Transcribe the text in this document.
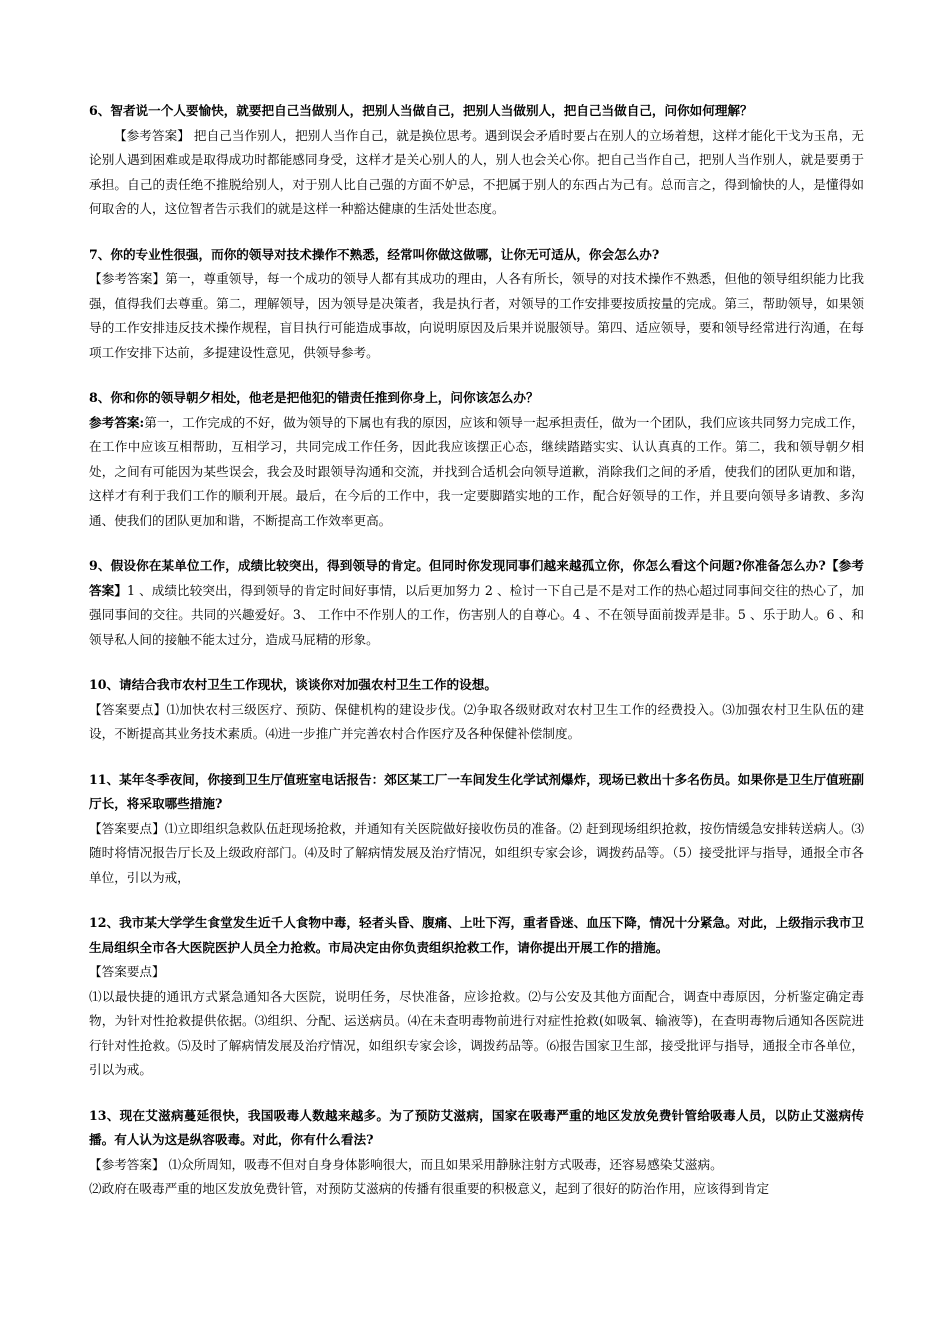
6、智者说一个人要愉快，就要把自己当做别人，把别人当做自己，把别人当做别人，把自己当做自己，问你如何理解？

【参考答案】 把自己当作别人，把别人当作自己，就是换位思考。遇到误会矛盾时要占在别人的立场着想，这样才能化干戈为玉帛，无论别人遇到困难或是取得成功时都能感同身受，这样才是关心别人的人，别人也会关心你。把自己当作自己，把别人当作别人，就是要勇于承担。自己的责任绝不推脱给别人，对于别人比自己强的方面不妒忌，不把属于别人的东西占为己有。总而言之，得到愉快的人，是懂得如何取舍的人，这位智者告示我们的就是这样一种豁达健康的生活处世态度。

7、你的专业性很强，而你的领导对技术操作不熟悉，经常叫你做这做哪，让你无可适从，你会怎么办?

【参考答案】第一，尊重领导，每一个成功的领导人都有其成功的理由，人各有所长，领导的对技术操作不熟悉，但他的领导组织能力比我强，值得我们去尊重。第二，理解领导，因为领导是决策者，我是执行者，对领导的工作安排要按质按量的完成。第三，帮助领导，如果领导的工作安排违反技术操作规程，盲目执行可能造成事故，向说明原因及后果并说服领导。第四、适应领导，要和领导经常进行沟通，在每项工作安排下达前，多提建设性意见，供领导参考。

8、你和你的领导朝夕相处，他老是把他犯的错责任推到你身上，问你该怎么办？

参考答案:第一，工作完成的不好，做为领导的下属也有我的原因，应该和领导一起承担责任，做为一个团队，我们应该共同努力完成工作，在工作中应该互相帮助，互相学习，共同完成工作任务，因此我应该摆正心态，继续踏踏实实、认认真真的工作。第二，我和领导朝夕相处，之间有可能因为某些误会，我会及时跟领导沟通和交流，并找到合适机会向领导道歉，消除我们之间的矛盾，使我们的团队更加和谐，这样才有利于我们工作的顺利开展。最后，在今后的工作中，我一定要脚踏实地的工作，配合好领导的工作，并且要向领导多请教、多沟通、使我们的团队更加和谐，不断提高工作效率更高。

9、假设你在某单位工作，成绩比较突出，得到领导的肯定。但同时你发现同事们越来越孤立你，你怎么看这个问题?你准备怎么办?【参考答案】1 、成绩比较突出，得到领导的肯定时间好事情，以后更加努力 2 、检讨一下自己是不是对工作的热心超过同事间交往的热心了，加强同事间的交往。共同的兴趣爱好。3、 工作中不作别人的工作，伤害别人的自尊心。4 、不在领导面前拨弄是非。5 、乐于助人。6 、和领导私人间的接触不能太过分，造成马屁精的形象。

10、请结合我市农村卫生工作现状，谈谈你对加强农村卫生工作的设想。

【答案要点】⑴加快农村三级医疗、预防、保健机构的建设步伐。⑵争取各级财政对农村卫生工作的经费投入。⑶加强农村卫生队伍的建设，不断提高其业务技术素质。⑷进一步推广并完善农村合作医疗及各种保健补偿制度。

11、某年冬季夜间，你接到卫生厅值班室电话报告：郊区某工厂一车间发生化学试剂爆炸，现场已救出十多名伤员。如果你是卫生厅值班副厅长，将采取哪些措施?

【答案要点】⑴立即组织急救队伍赶现场抢救，并通知有关医院做好接收伤员的准备。⑵ 赶到现场组织抢救，按伤情缓急安排转送病人。⑶随时将情况报告厅长及上级政府部门。⑷及时了解病情发展及治疗情况，如组织专家会诊，调拨药品等。（5）接受批评与指导，通报全市各单位，引以为戒，

12、我市某大学学生食堂发生近千人食物中毒，轻者头昏、腹痛、上吐下泻，重者昏迷、血压下降，情况十分紧急。对此，上级指示我市卫生局组织全市各大医院医护人员全力抢救。市局决定由你负责组织抢救工作，请你提出开展工作的措施。

【答案要点】

⑴以最快捷的通讯方式紧急通知各大医院，说明任务，尽快准备，应诊抢救。⑵与公安及其他方面配合，调查中毒原因，分析鉴定确定毒物，为针对性抢救提供依据。⑶组织、分配、运送病员。⑷在未查明毒物前进行对症性抢救(如吸氧、输液等)，在查明毒物后通知各医院进行针对性抢救。⑸及时了解病情发展及治疗情况，如组织专家会诊，调拨药品等。⑹报告国家卫生部，接受批评与指导，通报全市各单位，引以为戒。

13、现在艾滋病蔓延很快，我国吸毒人数越来越多。为了预防艾滋病，国家在吸毒严重的地区发放免费针管给吸毒人员，以防止艾滋病传播。有人认为这是纵容吸毒。对此，你有什么看法?

【参考答案】 ⑴众所周知，吸毒不但对自身身体影响很大，而且如果采用静脉注射方式吸毒，还容易感染艾滋病。

⑵政府在吸毒严重的地区发放免费针管，对预防艾滋病的传播有很重要的积极意义，起到了很好的防治作用，应该得到肯定
